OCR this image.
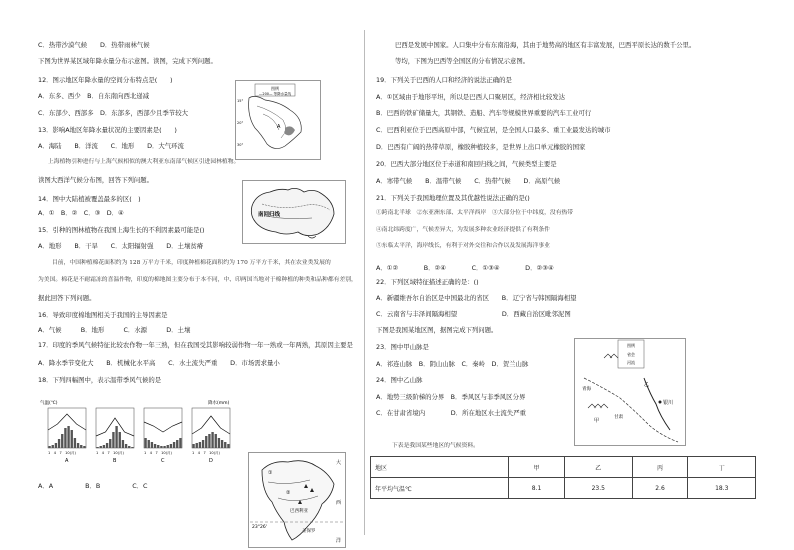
C．热带沙漠气候　　D．热带雨林气候
下图为世界某区域年降水量分布示意图。读图，完成下列问题。
12．图示地区年降水量的空间分布特点是(　　)
A．东多、西少　B．自东南向西北递减
C．东部少、西部多　D．东部多，西部少且季节较大
13．影响A地区年降水量状况的主要因素是(　　)
A．海陆　　B．洋流　　C．地形　　D．大气环流
读图大西洋气候分布图，回答下列问题。
14．图中大陆植被覆盖最多的区(　)
A．①　B．②　C．③　D．④
15．引种的图林植物在我国上海生长的不利因素最可能是()
A．地形　　B．干旱　　C．太阳辐射强　　D．土壤贫瘠
据此回答下列问题。
16．导致印度棉地图相关于我国的主导因素是
A．气候　　　B．地形　　　C．水源　　　D．土壤
17．印度的季风气候特征比较农作物一年三熟，但在我国受其影响较弱作物一年一熟或一年两熟，其原因主要是
A．降水季节变化大　　B．机械化水平高　　C．水土流失严重　　D．市场需求量小
18．下列四幅图中，表示温带季风气候的是
A．A　　　　　B．B　　　　　C．C
上海植物引种进行与上海气候相似的澳大利亚东南部气候区引进园林植物。
目前，中国种植棉花面积约为 128 万平方千米，印度种植棉花面积约为 170 万平方千米，其在农业类发展的
为美国。棉花是不耐霜冻的喜温作物，印度的棉地图主要分布于本不同，中、印两国当地对于棉种植的种类和品种都有差别，
巴西是发展中国家。人口集中分布东南沿海，其由于地势高的地区有丰富发展，巴西平原长达的数千公里。
等均，下图为巴西等全国区的分布情况示意图。
19．下列关于巴西的人口和经济的说法正确的是
A．①区域由于地形平坦，所以是巴西人口聚居区，经济相比较发达
B．巴西的铁矿储量大，其钢铁、造船、汽车等规模世界重要的汽车工业可行
C．巴西利亚位于巴西高原中部，气候宜居，是全国人口最多、重工业最发达的城市
D．巴西有广阔的热带草原，橡胶种植较多，是世界上出口单元橡胶的国家
20．巴西大部分地区位于赤道和南回归线之间，气候类型主要是
A．寒带气候　　B．温带气候　　C．热带气候　　D．高原气候
21．下列关于我国地理位置及其优越性说法正确的是()
22．下列区域特征描述正确的是：()
A．新疆维吾尔自治区是中国最北的省区　　B．辽宁省与韩国隔海相望
C．云南省与丰泽间隔海相望　　　　　　　D．西藏自治区毗邻泥图
下图是我国某地区图，据图完成下列问题。
23．图中甲山脉是
A．祁连山脉　B．阴山山脉　C．秦岭　D．贺兰山脉
24．图中乙山脉
A．地势三级阶梯的分界　B．季风区与非季风区分界
C．在甘肃省境内　　　　D．所在地区水土流失严重
A．①②　　　　B．②④　　　　C．①③④　　　　D．②③④
①跨南北半球　②东亚洲东部、太平洋西岸　③大部分位于中纬度，没有热带
④南北纬跨度广，气候差异大，为发展多种农业经济提供了有利条件
⑤东临太平洋，海岸线长，有利于对外交往和合作以及发展海洋事业
下表是我国某些地区的气候资料。
图例
—200— 等降水量线
A
15°
20°
30°
南回归线
气温(℃)	降水(mm)
A
1　4　7　10(月)
B
1　4　7　10(月)
C
1　4　7　10(月)
D
1　4　7　10(月)
①
②
巴西利亚
圣保罗
23°26'
大
西
洋
图例
省会
河流
甲
乙
银川
青海
甘肃
地区	甲	乙	丙	丁
年平均气温℃	8.1	23.5	2.6	18.3
